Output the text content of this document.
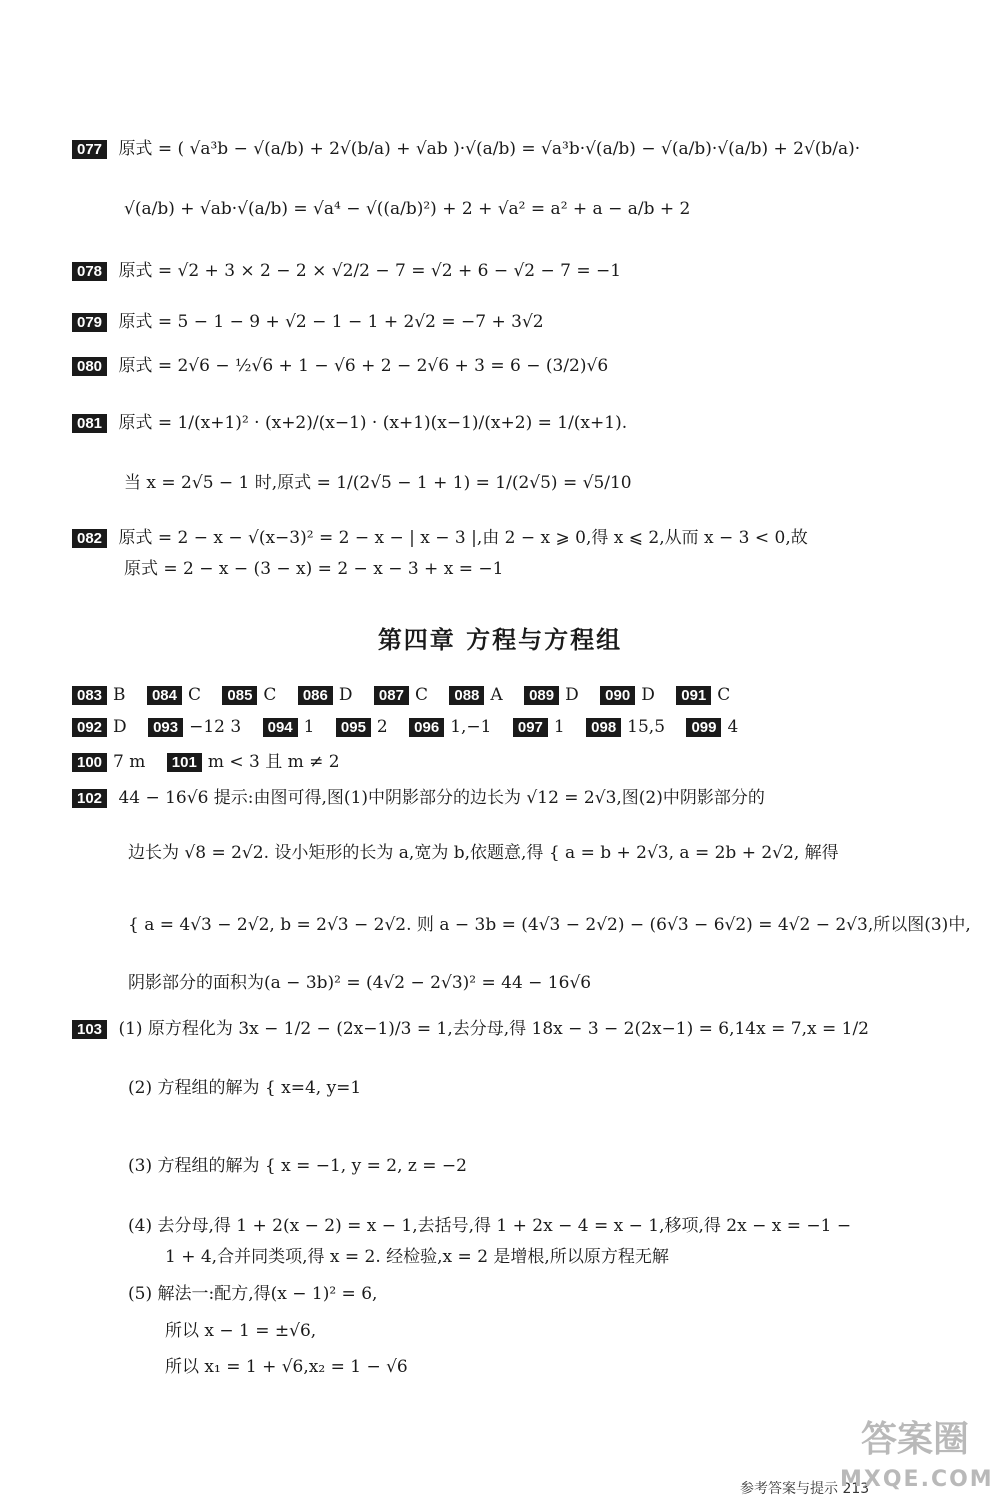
077 原式 = ( √a³b − √(a/b) + 2√(b/a) + √ab )·√(a/b) = √a³b·√(a/b) − √(a/b)·√(a/b) + 2√(b/a)·
√(a/b) + √ab·√(a/b) = √a⁴ − √((a/b)²) + 2 + √a² = a² + a − a/b + 2
078 原式 = √2 + 3 × 2 − 2 × √2/2 − 7 = √2 + 6 − √2 − 7 = −1
079 原式 = 5 − 1 − 9 + √2 − 1 − 1 + 2√2 = −7 + 3√2
080 原式 = 2√6 − ½√6 + 1 − √6 + 2 − 2√6 + 3 = 6 − (3/2)√6
081 原式 = 1/(x+1)² · (x+2)/(x−1) · (x+1)(x−1)/(x+2) = 1/(x+1).
当 x = 2√5 − 1 时,原式 = 1/(2√5 − 1 + 1) = 1/(2√5) = √5/10
082 原式 = 2 − x − √(x−3)² = 2 − x − | x − 3 |,由 2 − x ⩾ 0,得 x ⩽ 2,从而 x − 3 < 0,故
原式 = 2 − x − (3 − x) = 2 − x − 3 + x = −1
第四章 方程与方程组
083 B 084 C 085 C 086 D 087 C 088 A 089 D 090 D 091 C
092 D 093 −12 3 094 1 095 2 096 1,−1 097 1 098 15,5 099 4
100 7 m 101 m < 3 且 m ≠ 2
102 44 − 16√6 提示:由图可得,图(1)中阴影部分的边长为 √12 = 2√3,图(2)中阴影部分的
边长为 √8 = 2√2. 设小矩形的长为 a,宽为 b,依题意,得 { a = b + 2√3, a = 2b + 2√2, 解得
{ a = 4√3 − 2√2, b = 2√3 − 2√2. 则 a − 3b = (4√3 − 2√2) − (6√3 − 6√2) = 4√2 − 2√3,所以图(3)中,
阴影部分的面积为(a − 3b)² = (4√2 − 2√3)² = 44 − 16√6
103 (1) 原方程化为 3x − 1/2 − (2x−1)/3 = 1,去分母,得 18x − 3 − 2(2x−1) = 6,14x = 7,x = 1/2
(2) 方程组的解为 { x=4, y=1
(3) 方程组的解为 { x = −1, y = 2, z = −2
(4) 去分母,得 1 + 2(x − 2) = x − 1,去括号,得 1 + 2x − 4 = x − 1,移项,得 2x − x = −1 −
1 + 4,合并同类项,得 x = 2. 经检验,x = 2 是增根,所以原方程无解
(5) 解法一:配方,得(x − 1)² = 6,
所以 x − 1 = ±√6,
所以 x₁ = 1 + √6,x₂ = 1 − √6
参考答案与提示 213
答案圈
MXQE.COM
